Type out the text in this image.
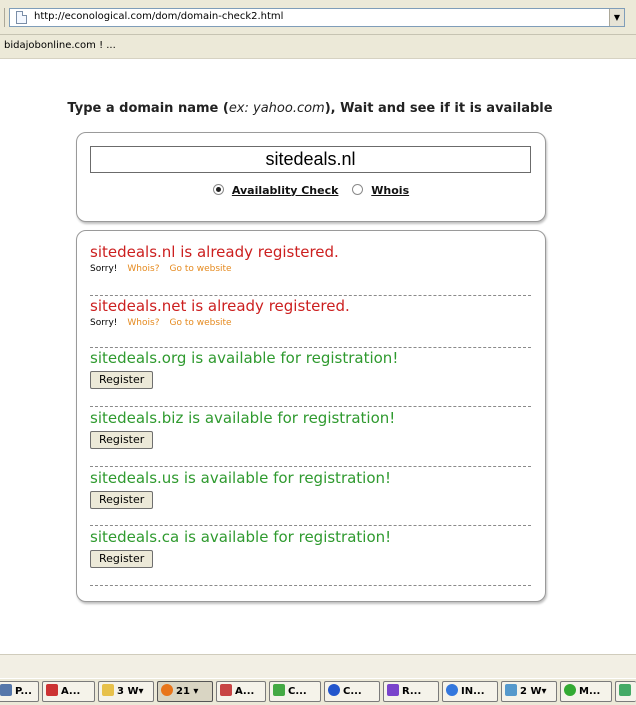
http://econological.com/dom/domain-check2.html	▼
bidajobonline.com ! ...
Type a domain name (ex: yahoo.com), Wait and see if it is available
sitedeals.nl
Availablity Check	Whois
sitedeals.nl is already registered.
Sorry! Whois? Go to website
sitedeals.net is already registered.
Sorry! Whois? Go to website
sitedeals.org is available for registration!
Register
sitedeals.biz is available for registration!
Register
sitedeals.us is available for registration!
Register
sitedeals.ca is available for registration!
Register
P...	A...	3 W▾	21 ▾	A...	C...	C...	R...	IN...	2 W▾	M...
